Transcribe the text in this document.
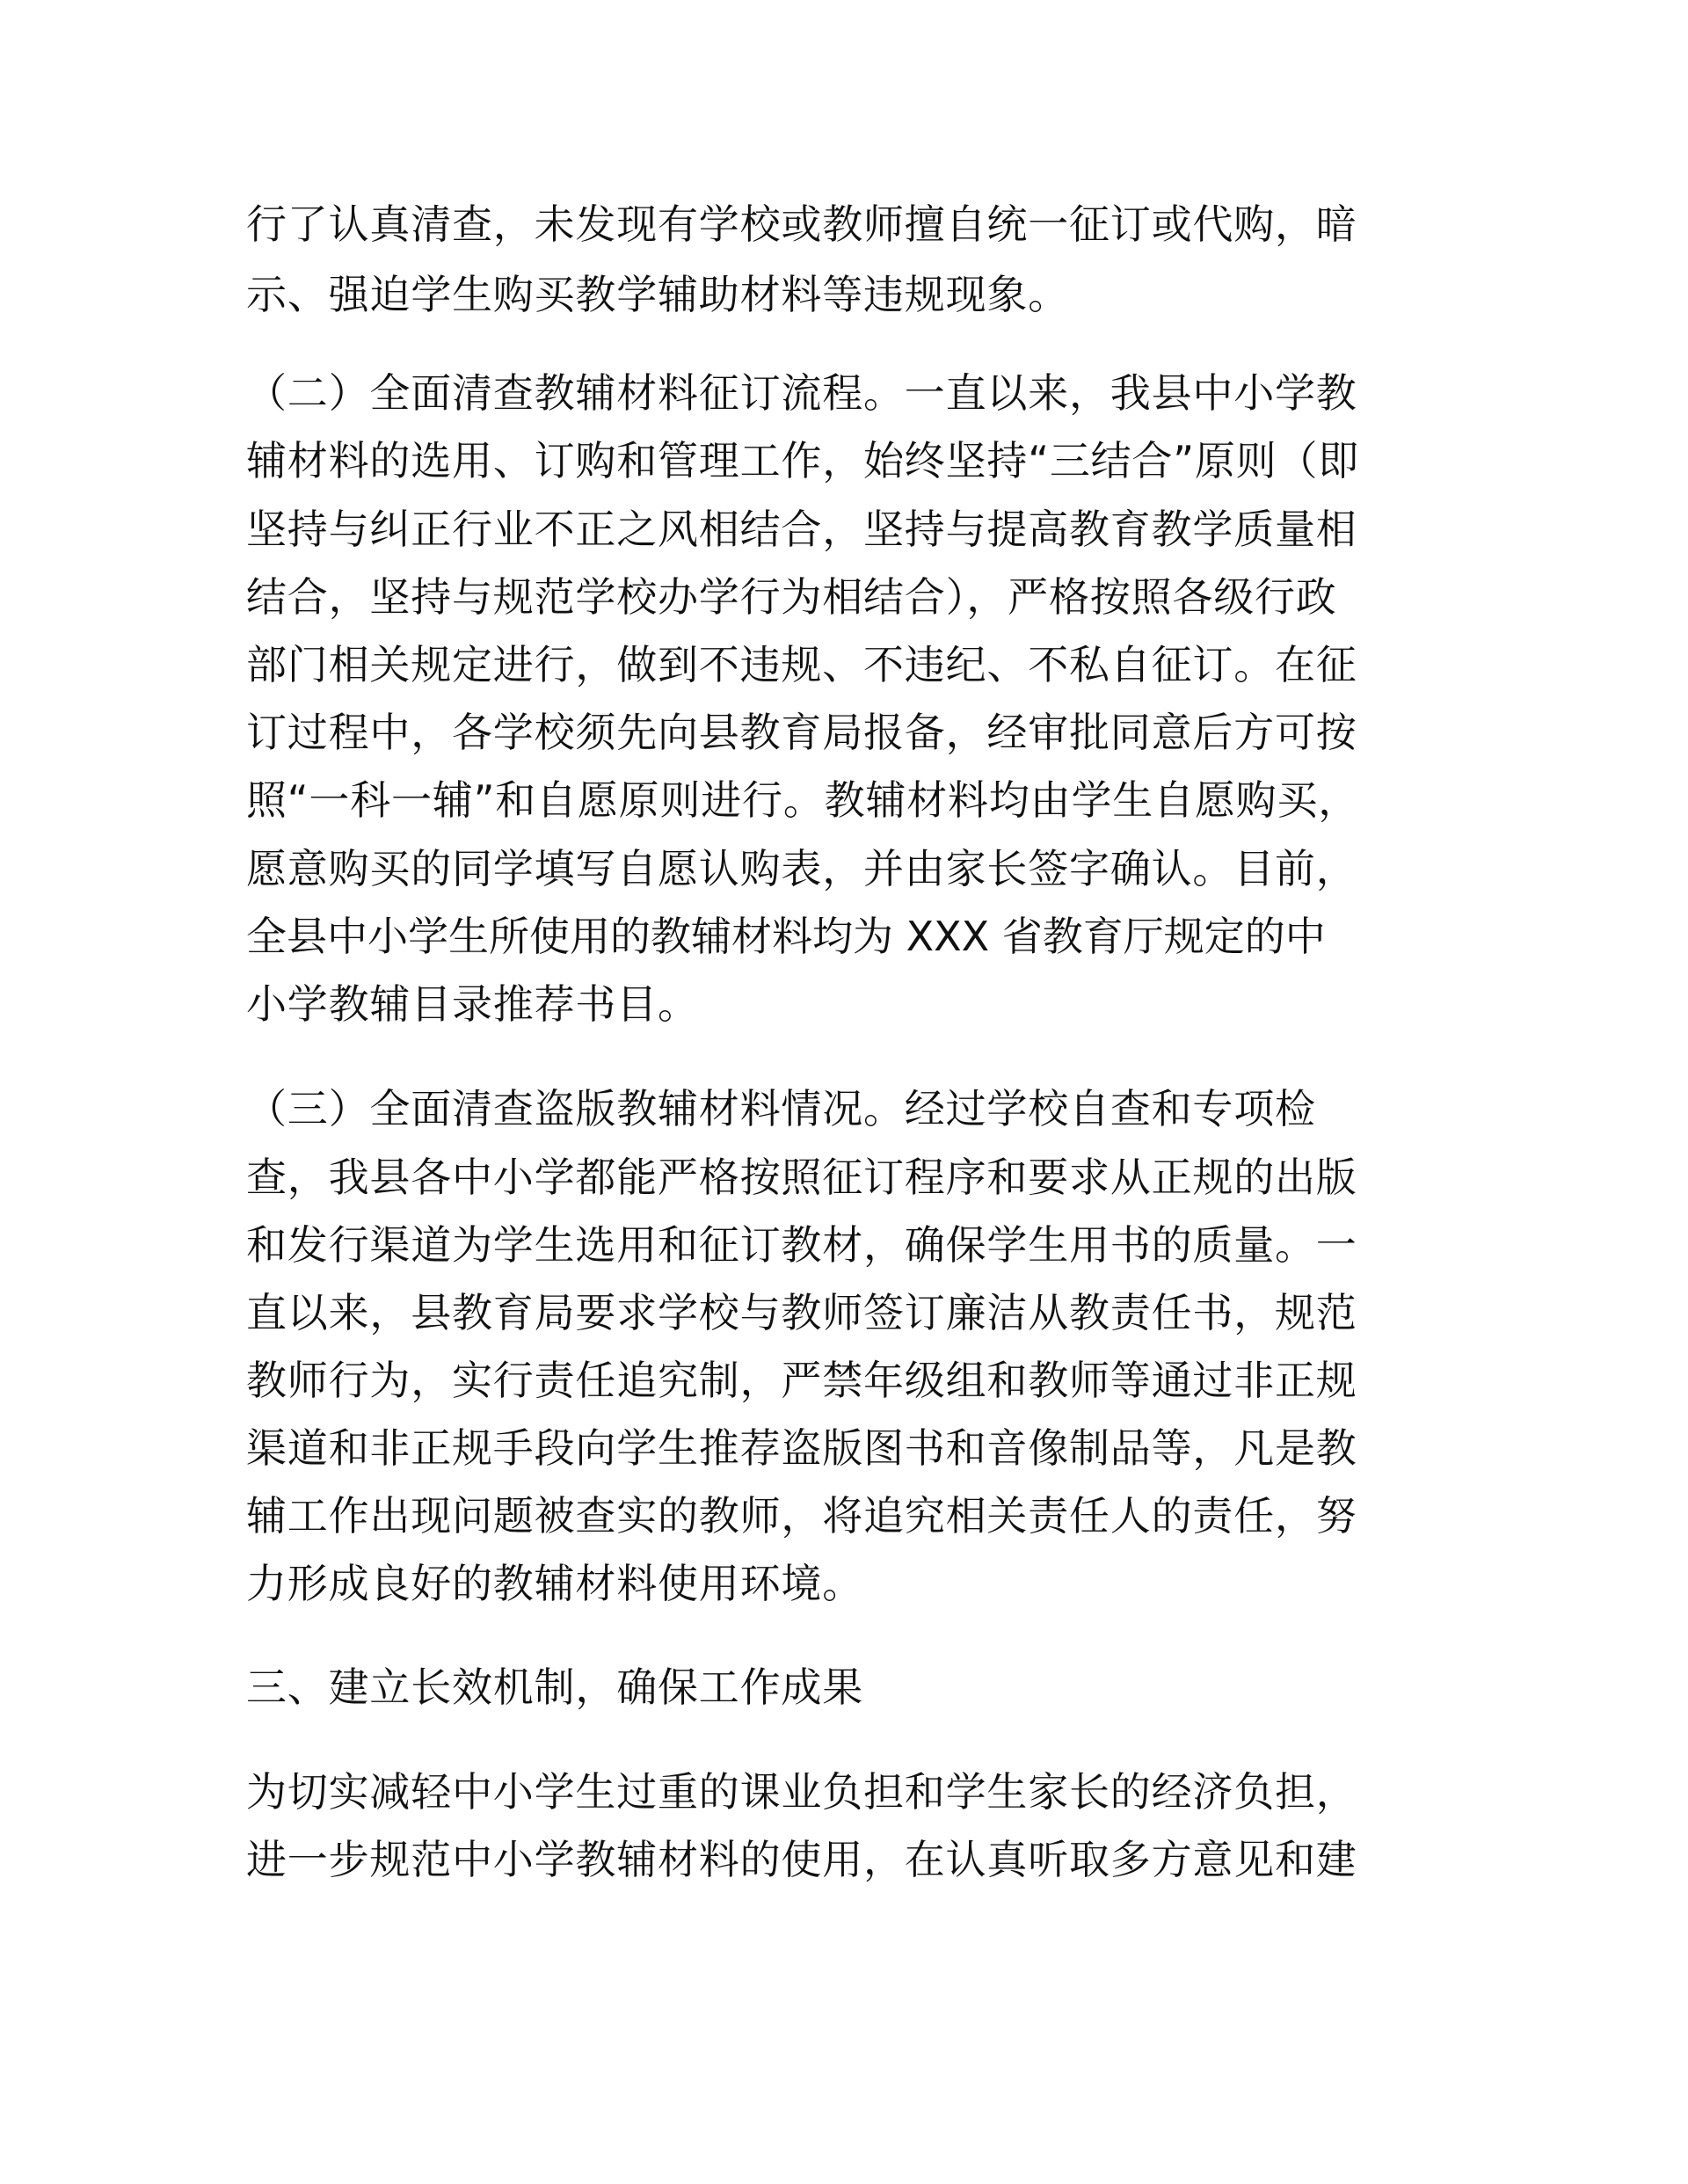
行了认真清查，未发现有学校或教师擅自统一征订或代购，暗
示、强迫学生购买教学辅助材料等违规现象。
（二）全面清查教辅材料征订流程。一直以来，我县中小学教
辅材料的选用、订购和管理工作，始终坚持“三结合”原则（即
坚持与纠正行业不正之风相结合，坚持与提高教育教学质量相
结合，坚持与规范学校办学行为相结合），严格按照各级行政
部门相关规定进行，做到不违规、不违纪、不私自征订。在征
订过程中，各学校须先向县教育局报备，经审批同意后方可按
照“一科一辅”和自愿原则进行。教辅材料均由学生自愿购买，
愿意购买的同学填写自愿认购表，并由家长签字确认。目前，
全县中小学生所使用的教辅材料均为 XXX 省教育厅规定的中
小学教辅目录推荐书目。
（三）全面清查盗版教辅材料情况。经过学校自查和专项检
查，我县各中小学都能严格按照征订程序和要求从正规的出版
和发行渠道为学生选用和征订教材，确保学生用书的质量。一
直以来，县教育局要求学校与教师签订廉洁从教责任书，规范
教师行为，实行责任追究制，严禁年级组和教师等通过非正规
渠道和非正规手段向学生推荐盗版图书和音像制品等，凡是教
辅工作出现问题被查实的教师，将追究相关责任人的责任，努
力形成良好的教辅材料使用环境。
三、建立长效机制，确保工作成果
为切实减轻中小学生过重的课业负担和学生家长的经济负担，
进一步规范中小学教辅材料的使用，在认真听取多方意见和建
